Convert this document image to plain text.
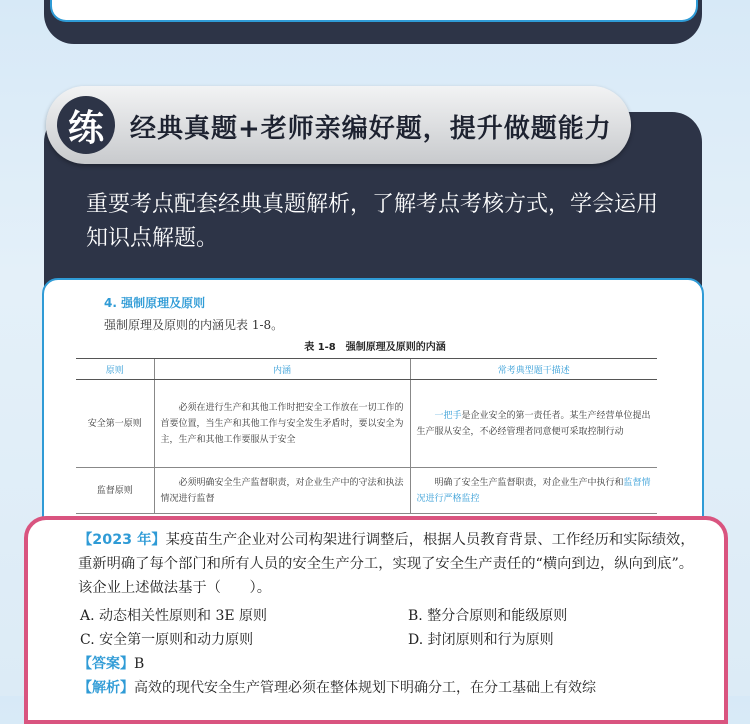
练	经典真题+老师亲编好题，提升做题能力
重要考点配套经典真题解析，了解考点考核方式，学会运用知识点解题。
4. 强制原理及原则
强制原理及原则的内涵见表 1-8。
表 1-8　强制原理及原则的内涵
原则	内涵	常考典型题干描述
安全第一原则	必须在进行生产和其他工作时把安全工作放在一切工作的首要位置，当生产和其他工作与安全发生矛盾时，要以安全为主，生产和其他工作要服从于安全	一把手是企业安全的第一责任者。某生产经营单位提出生产服从安全，不必经管理者同意便可采取控制行动
监督原则	必须明确安全生产监督职责，对企业生产中的守法和执法情况进行监督	明确了安全生产监督职责，对企业生产中执行和监督情况进行严格监控
【2023 年】某疫苗生产企业对公司构架进行调整后，根据人员教育背景、工作经历和实际绩效，重新明确了每个部门和所有人员的安全生产分工，实现了安全生产责任的“横向到边，纵向到底”。该企业上述做法基于（　　）。
A. 动态相关性原则和 3E 原则	B. 整分合原则和能级原则
C. 安全第一原则和动力原则	D. 封闭原则和行为原则
【答案】B
【解析】高效的现代安全生产管理必须在整体规划下明确分工，在分工基础上有效综
